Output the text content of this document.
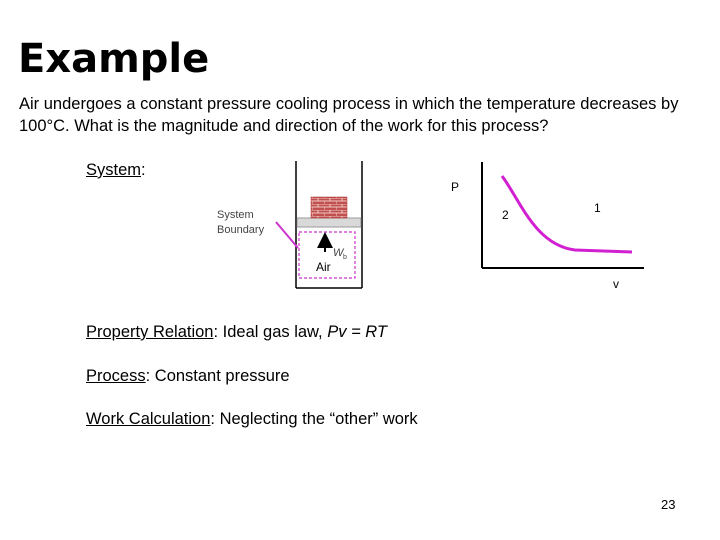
Example
Air undergoes a constant pressure cooling process in which the temperature decreases by 100°C. What is the magnitude and direction of the work for this process?
System:
System
Boundary
Air
W b
P
v
2	1
Property Relation: Ideal gas law, Pv = RT
Process: Constant pressure
Work Calculation: Neglecting the “other” work
23
